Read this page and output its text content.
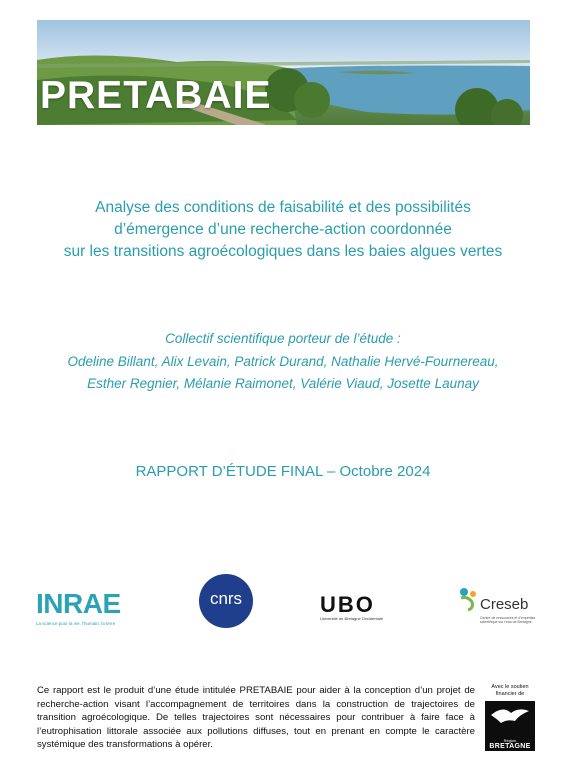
PRETABAIE
Analyse des conditions de faisabilité et des possibilités
d’émergence d’une recherche-action coordonnée
sur les transitions agroécologiques dans les baies algues vertes
Collectif scientifique porteur de l’étude :
Odeline Billant, Alix Levain, Patrick Durand, Nathalie Hervé-Fournereau,
Esther Regnier, Mélanie Raimonet, Valérie Viaud, Josette Launay
RAPPORT D’ÉTUDE FINAL – Octobre 2024
INRAE
La science pour la vie, l’humain, la terre
cnrs	UBO
Université de Bretagne Occidentale
Creseb
Centre de ressources et d’expertise scientifique sur l’eau de Bretagne

Ce rapport est le produit d’une étude intitulée PRETABAIE pour aider à la conception d’un projet de recherche-action visant l’accompagnement de territoires dans la construction de trajectoires de transition agroécologique. De telles trajectoires sont nécessaires pour contribuer à faire face à l’eutrophisation littorale associée aux pollutions diffuses, tout en prenant en compte le caractère systémique des transformations à opérer.

Avec le soutien financier de
Région
BRETAGNE
